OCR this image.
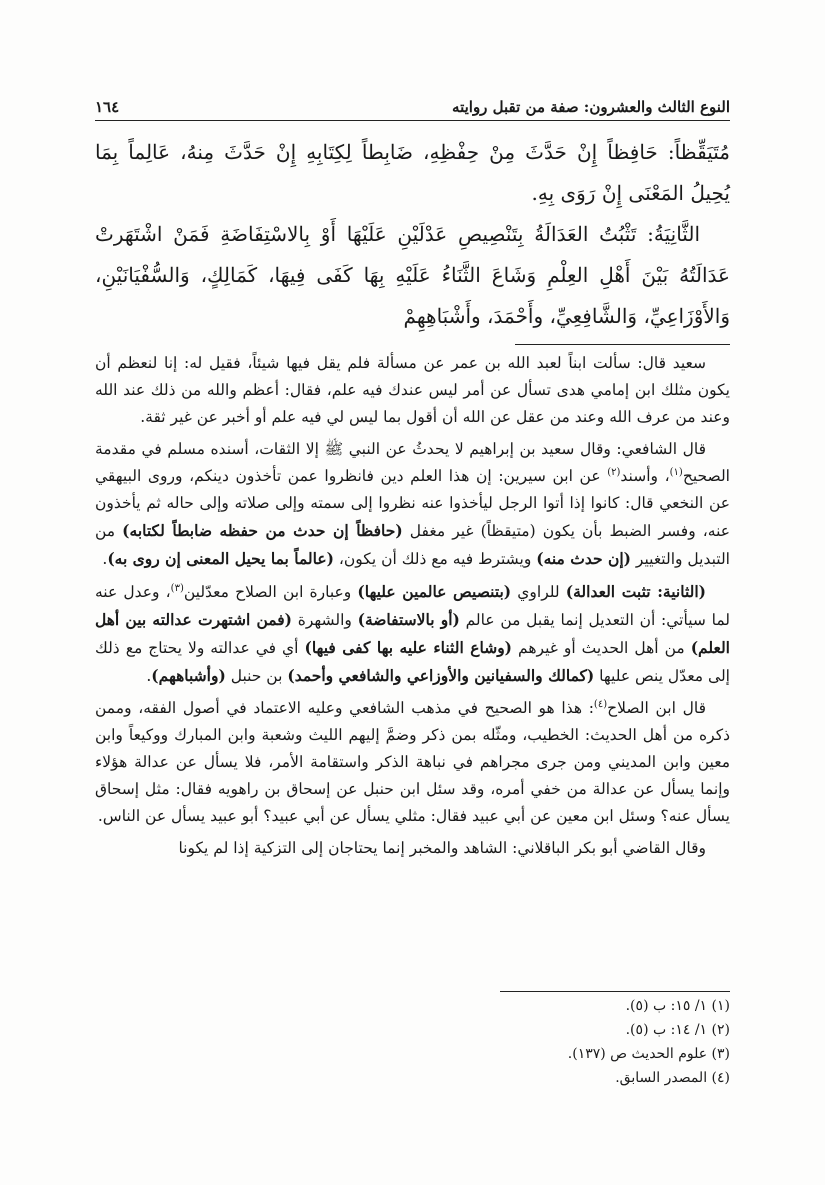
النوع الثالث والعشرون: صفة من تقبل روايته
١٦٤

مُتَيَقِّظاً: حَافِظاً إِنْ حَدَّثَ مِنْ حِفْظِهِ، ضَابِطاً لِكِتَابِهِ إِنْ حَدَّثَ مِنهُ، عَالِماً بِمَا يُحِيلُ المَعْنَى إِنْ رَوَى بِهِ.

الثَّانِيَةُ: تَثْبُتُ العَدَالَةُ بِتَنْصِيصِ عَدْلَيْنِ عَلَيْهَا أَوْ بِالاسْتِفَاضَةِ فَمَنْ اشْتَهَرتْ عَدَالَتُهُ بَيْنَ أَهْلِ العِلْمِ وَشَاعَ الثَّنَاءُ عَلَيْهِ بِهَا كَفَى فِيهَا، كَمَالِكٍ، وَالسُّفْيَانَيْنِ، وَالأَوْزَاعِيِّ، وَالشَّافِعِيِّ، وأَحْمَدَ، وأَشْبَاهِهِمْ

سعيد قال: سألت ابناً لعبد الله بن عمر عن مسألة فلم يقل فيها شيئاً، فقيل له: إنا لنعظم أن يكون مثلك ابن إمامي هدى تسأل عن أمر ليس عندك فيه علم، فقال: أعظم والله من ذلك عند الله وعند من عرف الله وعند من عقل عن الله أن أقول بما ليس لي فيه علم أو أخبر عن غير ثقة.

قال الشافعي: وقال سعيد بن إبراهيم لا يحدثُ عن النبي ﷺ إلا الثقات، أسنده مسلم في مقدمة الصحيح$^{(١)}$، وأسند$^{(٢)}$ عن ابن سيرين: إن هذا العلم دين فانظروا عمن تأخذون دينكم، وروى البيهقي عن النخعي قال: كانوا إذا أتوا الرجل ليأخذوا عنه نظروا إلى سمته وإلى صلاته وإلى حاله ثم يأخذون عنه، وفسر الضبط بأن يكون (متيقظاً) غير مغفل (حافظاً إن حدث من حفظه ضابطاً لكتابه) من التبديل والتغيير (إن حدث منه) ويشترط فيه مع ذلك أن يكون، (عالماً بما يحيل المعنى إن روى به).

(الثانية: تثبت العدالة) للراوي (بتنصيص عالمين عليها) وعبارة ابن الصلاح معدّلين$^{(٣)}$، وعدل عنه لما سيأتي: أن التعديل إنما يقبل من عالم (أو بالاستفاضة) والشهرة (فمن اشتهرت عدالته بين أهل العلم) من أهل الحديث أو غيرهم (وشاع الثناء عليه بها كفى فيها) أي في عدالته ولا يحتاج مع ذلك إلى معدّل ينص عليها (كمالك والسفيانين والأوزاعي والشافعي وأحمد) بن حنبل (وأشباههم).

قال ابن الصلاح$^{(٤)}$: هذا هو الصحيح في مذهب الشافعي وعليه الاعتماد في أصول الفقه، وممن ذكره من أهل الحديث: الخطيب، ومثّله بمن ذكر وضمَّ إليهم الليث وشعبة وابن المبارك ووكيعاً وابن معين وابن المديني ومن جرى مجراهم في نباهة الذكر واستقامة الأمر، فلا يسأل عن عدالة هؤلاء وإنما يسأل عن عدالة من خفي أمره، وقد سئل ابن حنبل عن إسحاق بن راهويه فقال: مثل إسحاق يسأل عنه؟ وسئل ابن معين عن أبي عبيد فقال: مثلي يسأل عن أبي عبيد؟ أبو عبيد يسأل عن الناس.

وقال القاضي أبو بكر الباقلاني: الشاهد والمخبر إنما يحتاجان إلى التزكية إذا لم يكونا

(١) ١/ ١٥: ب (٥).
(٢) ١/ ١٤: ب (٥).
(٣) علوم الحديث ص (١٣٧).
(٤) المصدر السابق.
